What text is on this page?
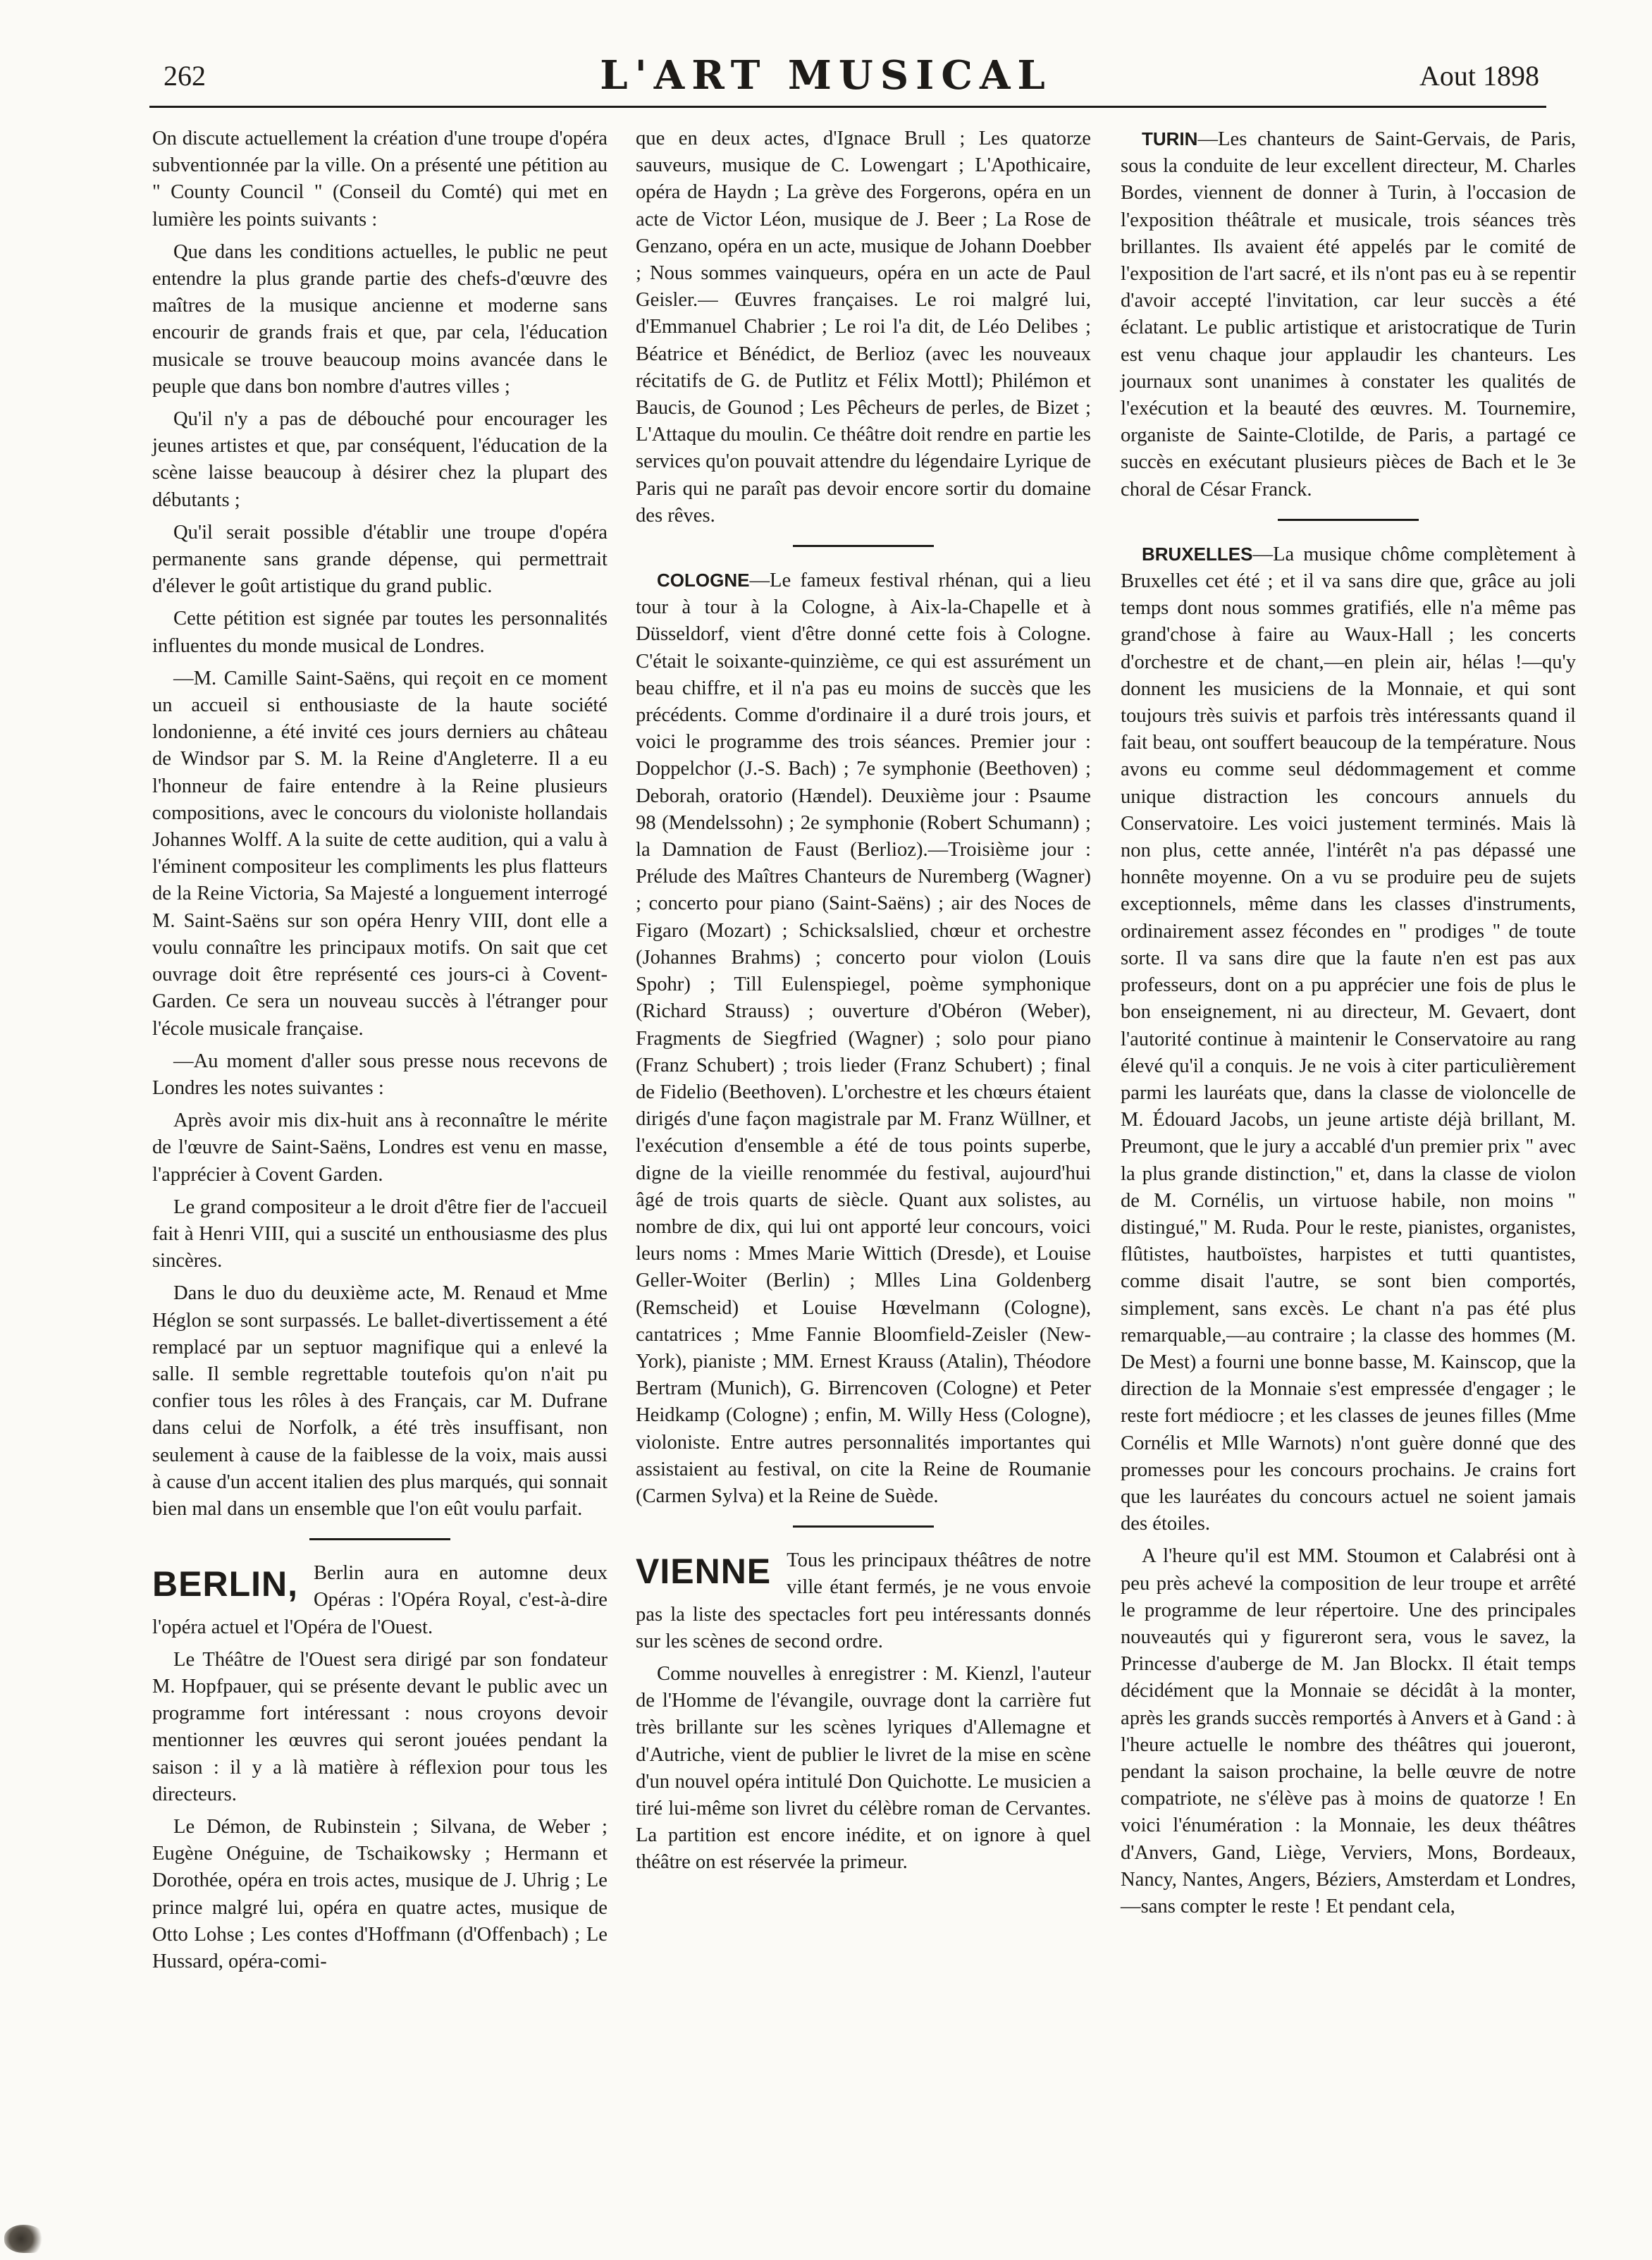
262	L'ART MUSICAL	Aout 1898

On discute actuellement la création d'une troupe d'opéra subventionnée par la ville. On a présenté une pétition au " County Council " (Conseil du Comté) qui met en lumière les points suivants :

Que dans les conditions actuelles, le public ne peut entendre la plus grande partie des chefs-d'œuvre des maîtres de la musique ancienne et moderne sans encourir de grands frais et que, par cela, l'éducation musicale se trouve beaucoup moins avancée dans le peuple que dans bon nombre d'autres villes ;

Qu'il n'y a pas de débouché pour encourager les jeunes artistes et que, par conséquent, l'éducation de la scène laisse beaucoup à désirer chez la plupart des débutants ;

Qu'il serait possible d'établir une troupe d'opéra permanente sans grande dépense, qui permettrait d'élever le goût artistique du grand public.

Cette pétition est signée par toutes les personnalités influentes du monde musical de Londres.

—M. Camille Saint-Saëns, qui reçoit en ce moment un accueil si enthousiaste de la haute société londonienne, a été invité ces jours derniers au château de Windsor par S. M. la Reine d'Angleterre. Il a eu l'honneur de faire entendre à la Reine plusieurs compositions, avec le concours du violoniste hollandais Johannes Wolff. A la suite de cette audition, qui a valu à l'éminent compositeur les compliments les plus flatteurs de la Reine Victoria, Sa Majesté a longuement interrogé M. Saint-Saëns sur son opéra Henry VIII, dont elle a voulu connaître les principaux motifs. On sait que cet ouvrage doit être représenté ces jours-ci à Covent-Garden. Ce sera un nouveau succès à l'étranger pour l'école musicale française.

—Au moment d'aller sous presse nous recevons de Londres les notes suivantes :

Après avoir mis dix-huit ans à reconnaître le mérite de l'œuvre de Saint-Saëns, Londres est venu en masse, l'apprécier à Covent Garden.

Le grand compositeur a le droit d'être fier de l'accueil fait à Henri VIII, qui a suscité un enthousiasme des plus sincères.

Dans le duo du deuxième acte, M. Renaud et Mme Héglon se sont surpassés. Le ballet-divertissement a été remplacé par un septuor magnifique qui a enlevé la salle. Il semble regrettable toutefois qu'on n'ait pu confier tous les rôles à des Français, car M. Dufrane dans celui de Norfolk, a été très insuffisant, non seulement à cause de la faiblesse de la voix, mais aussi à cause d'un accent italien des plus marqués, qui sonnait bien mal dans un ensemble que l'on eût voulu parfait.

BERLIN, Berlin aura en automne deux Opéras : l'Opéra Royal, c'est-à-dire l'opéra actuel et l'Opéra de l'Ouest.

Le Théâtre de l'Ouest sera dirigé par son fondateur M. Hopfpauer, qui se présente devant le public avec un programme fort intéressant : nous croyons devoir mentionner les œuvres qui seront jouées pendant la saison : il y a là matière à réflexion pour tous les directeurs.

Le Démon, de Rubinstein ; Silvana, de Weber ; Eugène Onéguine, de Tschaikowsky ; Hermann et Dorothée, opéra en trois actes, musique de J. Uhrig ; Le prince malgré lui, opéra en quatre actes, musique de Otto Lohse ; Les contes d'Hoffmann (d'Offenbach) ; Le Hussard, opéra-comi-

que en deux actes, d'Ignace Brull ; Les quatorze sauveurs, musique de C. Lowengart ; L'Apothicaire, opéra de Haydn ; La grève des Forgerons, opéra en un acte de Victor Léon, musique de J. Beer ; La Rose de Genzano, opéra en un acte, musique de Johann Doebber ; Nous sommes vainqueurs, opéra en un acte de Paul Geisler.— Œuvres françaises. Le roi malgré lui, d'Emmanuel Chabrier ; Le roi l'a dit, de Léo Delibes ; Béatrice et Bénédict, de Berlioz (avec les nouveaux récitatifs de G. de Putlitz et Félix Mottl); Philémon et Baucis, de Gounod ; Les Pêcheurs de perles, de Bizet ; L'Attaque du moulin. Ce théâtre doit rendre en partie les services qu'on pouvait attendre du légendaire Lyrique de Paris qui ne paraît pas devoir encore sortir du domaine des rêves.

COLOGNE—Le fameux festival rhénan, qui a lieu tour à tour à la Cologne, à Aix-la-Chapelle et à Düsseldorf, vient d'être donné cette fois à Cologne. C'était le soixante-quinzième, ce qui est assurément un beau chiffre, et il n'a pas eu moins de succès que les précédents. Comme d'ordinaire il a duré trois jours, et voici le programme des trois séances. Premier jour : Doppelchor (J.-S. Bach) ; 7e symphonie (Beethoven) ; Deborah, oratorio (Hændel). Deuxième jour : Psaume 98 (Mendelssohn) ; 2e symphonie (Robert Schumann) ; la Damnation de Faust (Berlioz).—Troisième jour : Prélude des Maîtres Chanteurs de Nuremberg (Wagner) ; concerto pour piano (Saint-Saëns) ; air des Noces de Figaro (Mozart) ; Schicksalslied, chœur et orchestre (Johannes Brahms) ; concerto pour violon (Louis Spohr) ; Till Eulenspiegel, poème symphonique (Richard Strauss) ; ouverture d'Obéron (Weber), Fragments de Siegfried (Wagner) ; solo pour piano (Franz Schubert) ; trois lieder (Franz Schubert) ; final de Fidelio (Beethoven). L'orchestre et les chœurs étaient dirigés d'une façon magistrale par M. Franz Wüllner, et l'exécution d'ensemble a été de tous points superbe, digne de la vieille renommée du festival, aujourd'hui âgé de trois quarts de siècle. Quant aux solistes, au nombre de dix, qui lui ont apporté leur concours, voici leurs noms : Mmes Marie Wittich (Dresde), et Louise Geller-Woiter (Berlin) ; Mlles Lina Goldenberg (Remscheid) et Louise Hœvelmann (Cologne), cantatrices ; Mme Fannie Bloomfield-Zeisler (New-York), pianiste ; MM. Ernest Krauss (Atalin), Théodore Bertram (Munich), G. Birrencoven (Cologne) et Peter Heidkamp (Cologne) ; enfin, M. Willy Hess (Cologne), violoniste. Entre autres personnalités importantes qui assistaient au festival, on cite la Reine de Roumanie (Carmen Sylva) et la Reine de Suède.

VIENNE Tous les principaux théâtres de notre ville étant fermés, je ne vous envoie pas la liste des spectacles fort peu intéressants donnés sur les scènes de second ordre.

Comme nouvelles à enregistrer : M. Kienzl, l'auteur de l'Homme de l'évangile, ouvrage dont la carrière fut très brillante sur les scènes lyriques d'Allemagne et d'Autriche, vient de publier le livret de la mise en scène d'un nouvel opéra intitulé Don Quichotte. Le musicien a tiré lui-même son livret du célèbre roman de Cervantes. La partition est encore inédite, et on ignore à quel théâtre on est réservée la primeur.

TURIN—Les chanteurs de Saint-Gervais, de Paris, sous la conduite de leur excellent directeur, M. Charles Bordes, viennent de donner à Turin, à l'occasion de l'exposition théâtrale et musicale, trois séances très brillantes. Ils avaient été appelés par le comité de l'exposition de l'art sacré, et ils n'ont pas eu à se repentir d'avoir accepté l'invitation, car leur succès a été éclatant. Le public artistique et aristocratique de Turin est venu chaque jour applaudir les chanteurs. Les journaux sont unanimes à constater les qualités de l'exécution et la beauté des œuvres. M. Tournemire, organiste de Sainte-Clotilde, de Paris, a partagé ce succès en exécutant plusieurs pièces de Bach et le 3e choral de César Franck.

BRUXELLES—La musique chôme complètement à Bruxelles cet été ; et il va sans dire que, grâce au joli temps dont nous sommes gratifiés, elle n'a même pas grand'chose à faire au Waux-Hall ; les concerts d'orchestre et de chant,—en plein air, hélas !—qu'y donnent les musiciens de la Monnaie, et qui sont toujours très suivis et parfois très intéressants quand il fait beau, ont souffert beaucoup de la température. Nous avons eu comme seul dédommagement et comme unique distraction les concours annuels du Conservatoire. Les voici justement terminés. Mais là non plus, cette année, l'intérêt n'a pas dépassé une honnête moyenne. On a vu se produire peu de sujets exceptionnels, même dans les classes d'instruments, ordinairement assez fécondes en " prodiges " de toute sorte. Il va sans dire que la faute n'en est pas aux professeurs, dont on a pu apprécier une fois de plus le bon enseignement, ni au directeur, M. Gevaert, dont l'autorité continue à maintenir le Conservatoire au rang élevé qu'il a conquis. Je ne vois à citer particulièrement parmi les lauréats que, dans la classe de violoncelle de M. Édouard Jacobs, un jeune artiste déjà brillant, M. Preumont, que le jury a accablé d'un premier prix " avec la plus grande distinction," et, dans la classe de violon de M. Cornélis, un virtuose habile, non moins " distingué," M. Ruda. Pour le reste, pianistes, organistes, flûtistes, hautboïstes, harpistes et tutti quantistes, comme disait l'autre, se sont bien comportés, simplement, sans excès. Le chant n'a pas été plus remarquable,—au contraire ; la classe des hommes (M. De Mest) a fourni une bonne basse, M. Kainscop, que la direction de la Monnaie s'est empressée d'engager ; le reste fort médiocre ; et les classes de jeunes filles (Mme Cornélis et Mlle Warnots) n'ont guère donné que des promesses pour les concours prochains. Je crains fort que les lauréates du concours actuel ne soient jamais des étoiles.

A l'heure qu'il est MM. Stoumon et Calabrési ont à peu près achevé la composition de leur troupe et arrêté le programme de leur répertoire. Une des principales nouveautés qui y figureront sera, vous le savez, la Princesse d'auberge de M. Jan Blockx. Il était temps décidément que la Monnaie se décidât à la monter, après les grands succès remportés à Anvers et à Gand : à l'heure actuelle le nombre des théâtres qui joueront, pendant la saison prochaine, la belle œuvre de notre compatriote, ne s'élève pas à moins de quatorze ! En voici l'énumération : la Monnaie, les deux théâtres d'Anvers, Gand, Liège, Verviers, Mons, Bordeaux, Nancy, Nantes, Angers, Béziers, Amsterdam et Londres,—sans compter le reste ! Et pendant cela,
